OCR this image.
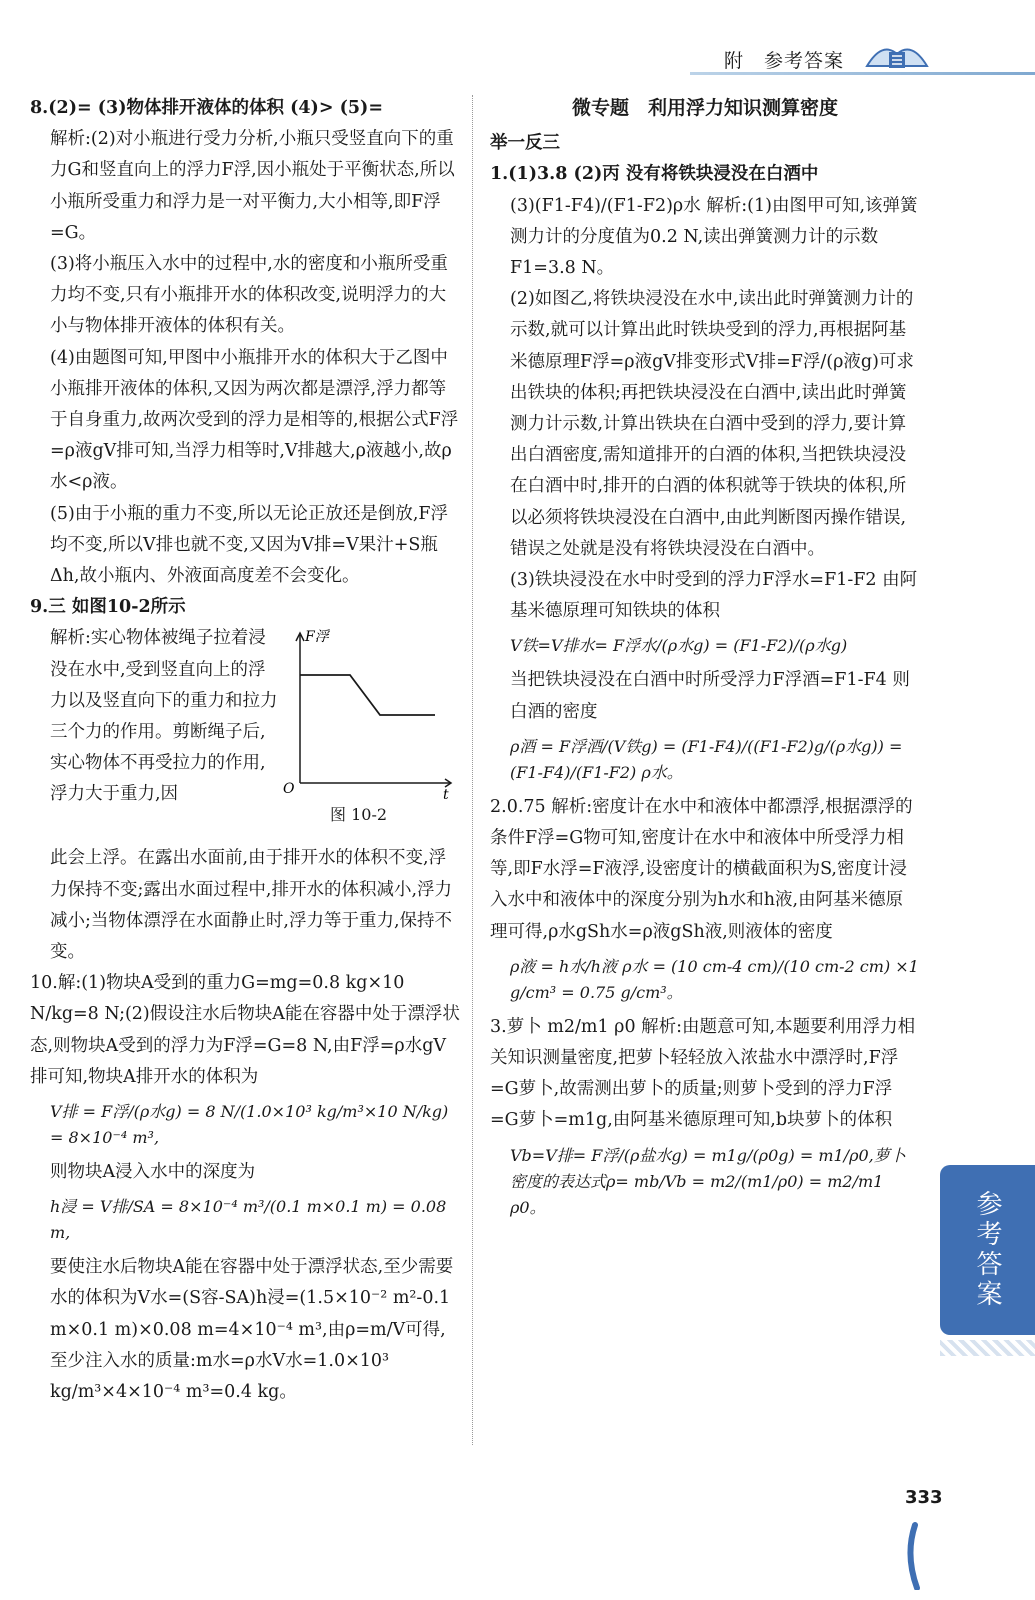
附　参考答案

8.(2)= (3)物体排开液体的体积 (4)> (5)=

解析:(2)对小瓶进行受力分析,小瓶只受竖直向下的重力G和竖直向上的浮力F浮,因小瓶处于平衡状态,所以小瓶所受重力和浮力是一对平衡力,大小相等,即F浮=G。

(3)将小瓶压入水中的过程中,水的密度和小瓶所受重力均不变,只有小瓶排开水的体积改变,说明浮力的大小与物体排开液体的体积有关。

(4)由题图可知,甲图中小瓶排开水的体积大于乙图中小瓶排开液体的体积,又因为两次都是漂浮,浮力都等于自身重力,故两次受到的浮力是相等的,根据公式F浮=ρ液gV排可知,当浮力相等时,V排越大,ρ液越小,故ρ水<ρ液。

(5)由于小瓶的重力不变,所以无论正放还是倒放,F浮均不变,所以V排也就不变,又因为V排=V果汁+S瓶Δh,故小瓶内、外液面高度差不会变化。

9.三 如图10-2所示

解析:实心物体被绳子拉着浸没在水中,受到竖直向上的浮力以及竖直向下的重力和拉力三个力的作用。剪断绳子后,实心物体不再受拉力的作用,浮力大于重力,因

F浮
O	t
图 10-2

此会上浮。在露出水面前,由于排开水的体积不变,浮力保持不变;露出水面过程中,排开水的体积减小,浮力减小;当物体漂浮在水面静止时,浮力等于重力,保持不变。

10.解:(1)物块A受到的重力G=mg=0.8 kg×10 N/kg=8 N;(2)假设注水后物块A能在容器中处于漂浮状态,则物块A受到的浮力为F浮=G=8 N,由F浮=ρ水gV排可知,物块A排开水的体积为

V排 = F浮/(ρ水g) = 8 N/(1.0×10³ kg/m³×10 N/kg) = 8×10⁻⁴ m³,

则物块A浸入水中的深度为

h浸 = V排/SA = 8×10⁻⁴ m³/(0.1 m×0.1 m) = 0.08 m,

要使注水后物块A能在容器中处于漂浮状态,至少需要水的体积为V水=(S容-SA)h浸=(1.5×10⁻² m²-0.1 m×0.1 m)×0.08 m=4×10⁻⁴ m³,由ρ=m/V可得,至少注入水的质量:m水=ρ水V水=1.0×10³ kg/m³×4×10⁻⁴ m³=0.4 kg。

微专题　利用浮力知识测算密度

举一反三

1.(1)3.8 (2)丙 没有将铁块浸没在白酒中

(3)(F1-F4)/(F1-F2)ρ水 解析:(1)由图甲可知,该弹簧测力计的分度值为0.2 N,读出弹簧测力计的示数F1=3.8 N。

(2)如图乙,将铁块浸没在水中,读出此时弹簧测力计的示数,就可以计算出此时铁块受到的浮力,再根据阿基米德原理F浮=ρ液gV排变形式V排=F浮/(ρ液g)可求出铁块的体积;再把铁块浸没在白酒中,读出此时弹簧测力计示数,计算出铁块在白酒中受到的浮力,要计算出白酒密度,需知道排开的白酒的体积,当把铁块浸没在白酒中时,排开的白酒的体积就等于铁块的体积,所以必须将铁块浸没在白酒中,由此判断图丙操作错误,错误之处就是没有将铁块浸没在白酒中。

(3)铁块浸没在水中时受到的浮力F浮水=F1-F2 由阿基米德原理可知铁块的体积

V铁=V排水= F浮水/(ρ水g) = (F1-F2)/(ρ水g)

当把铁块浸没在白酒中时所受浮力F浮酒=F1-F4 则白酒的密度

ρ酒 = F浮酒/(V铁g) = (F1-F4)/((F1-F2)g/(ρ水g)) = (F1-F4)/(F1-F2) ρ水。

2.0.75 解析:密度计在水中和液体中都漂浮,根据漂浮的条件F浮=G物可知,密度计在水中和液体中所受浮力相等,即F水浮=F液浮,设密度计的横截面积为S,密度计浸入水中和液体中的深度分别为h水和h液,由阿基米德原理可得,ρ水gSh水=ρ液gSh液,则液体的密度

ρ液 = h水/h液 ρ水 = (10 cm-4 cm)/(10 cm-2 cm) ×1 g/cm³ = 0.75 g/cm³。

3.萝卜 m2/m1 ρ0 解析:由题意可知,本题要利用浮力相关知识测量密度,把萝卜轻轻放入浓盐水中漂浮时,F浮=G萝卜,故需测出萝卜的质量;则萝卜受到的浮力F浮=G萝卜=m1g,由阿基米德原理可知,b块萝卜的体积

Vb=V排= F浮/(ρ盐水g) = m1g/(ρ0g) = m1/ρ0,萝卜密度的表达式ρ= mb/Vb = m2/(m1/ρ0) = m2/m1 ρ0。	参考答案
333
